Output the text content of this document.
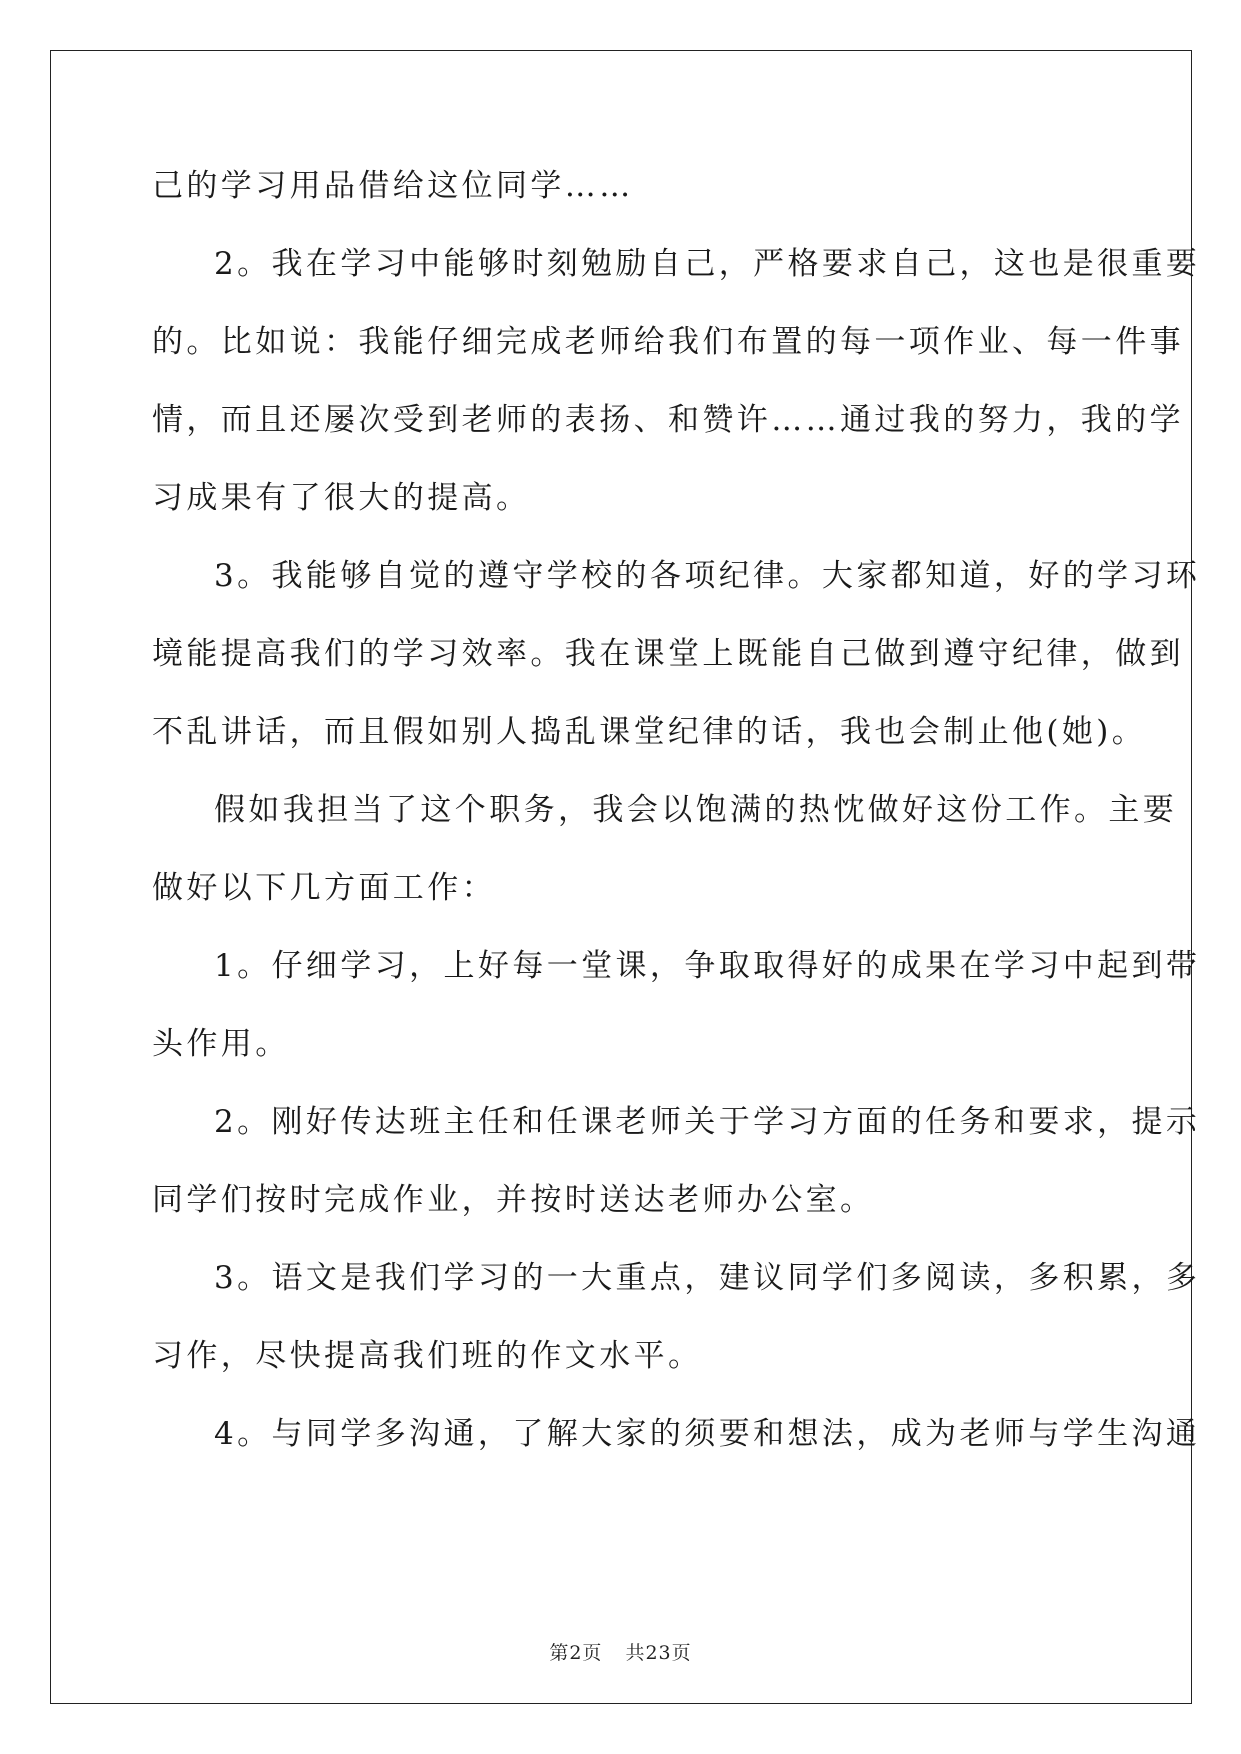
己的学习用品借给这位同学……
2。我在学习中能够时刻勉励自己，严格要求自己，这也是很重要
的。比如说：我能仔细完成老师给我们布置的每一项作业、每一件事
情，而且还屡次受到老师的表扬、和赞许……通过我的努力，我的学
习成果有了很大的提高。
3。我能够自觉的遵守学校的各项纪律。大家都知道，好的学习环
境能提高我们的学习效率。我在课堂上既能自己做到遵守纪律，做到
不乱讲话，而且假如别人捣乱课堂纪律的话，我也会制止他(她)。
假如我担当了这个职务，我会以饱满的热忱做好这份工作。主要
做好以下几方面工作：
1。仔细学习，上好每一堂课，争取取得好的成果在学习中起到带
头作用。
2。刚好传达班主任和任课老师关于学习方面的任务和要求，提示
同学们按时完成作业，并按时送达老师办公室。
3。语文是我们学习的一大重点，建议同学们多阅读，多积累，多
习作，尽快提高我们班的作文水平。
4。与同学多沟通，了解大家的须要和想法，成为老师与学生沟通
第2页 共23页
